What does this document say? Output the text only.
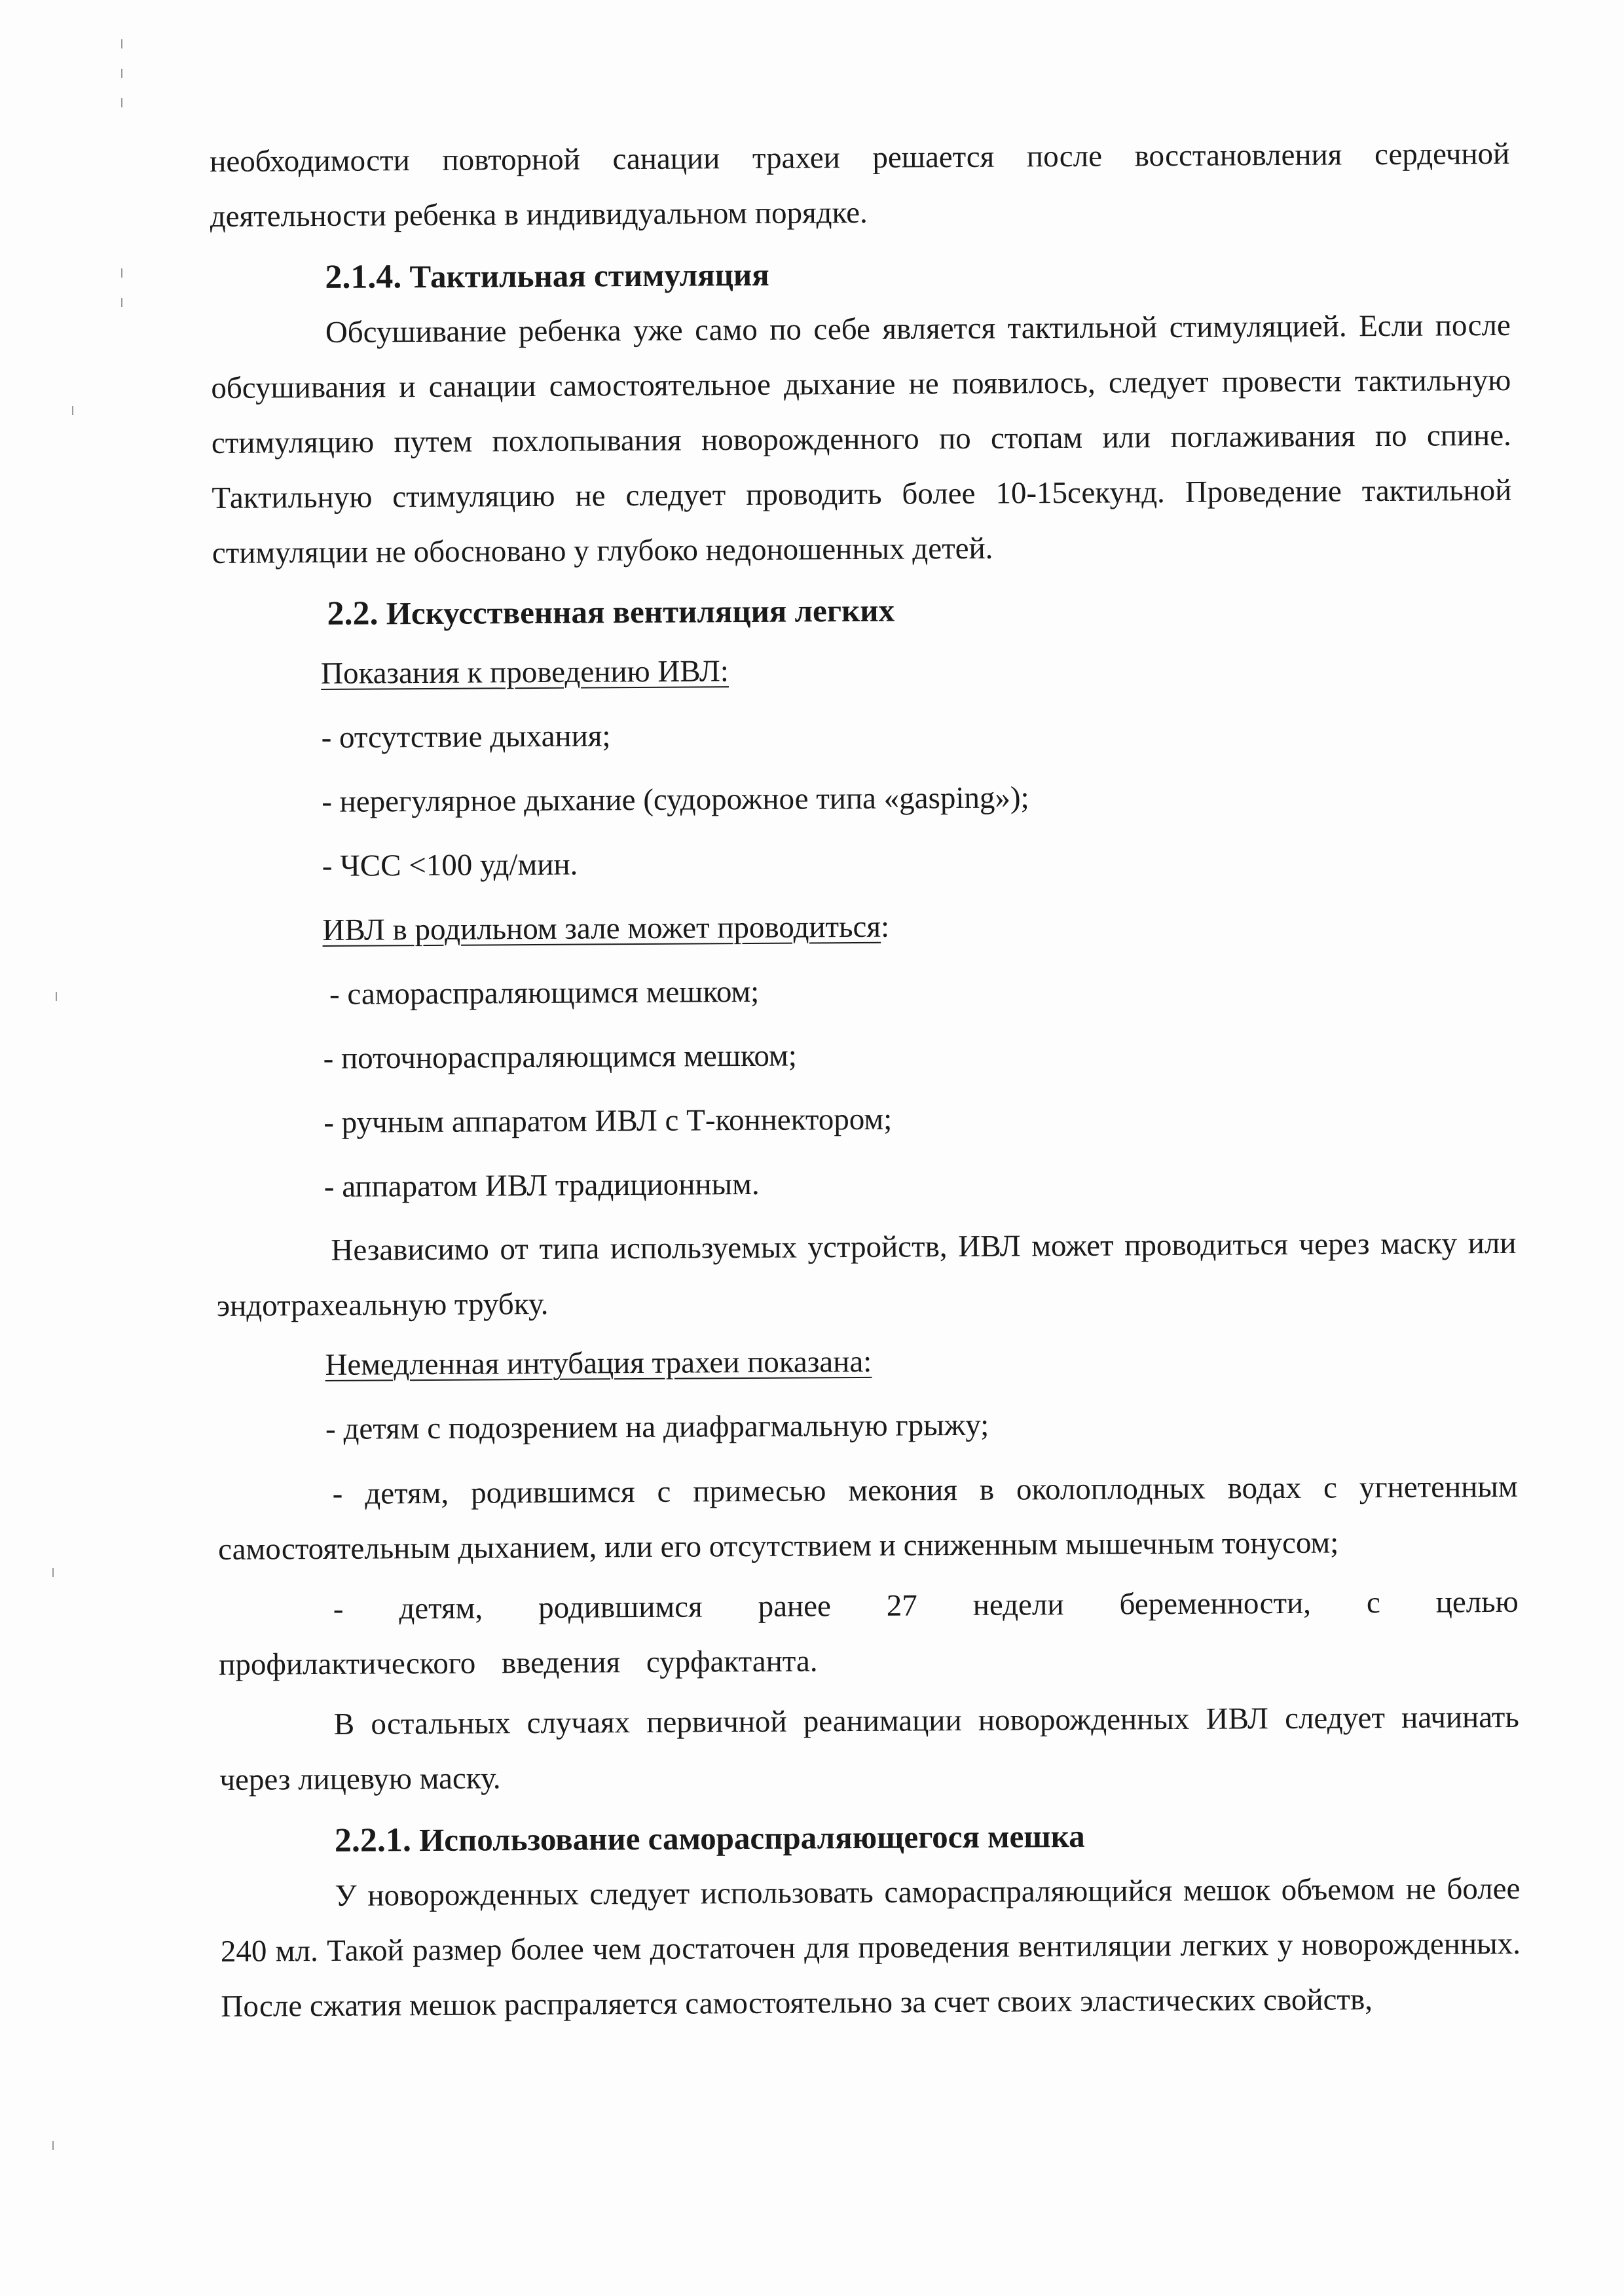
необходимости повторной санации трахеи решается после восстановления сердечной деятельности ребенка в индивидуальном порядке.

2.1.4. Тактильная стимуляция

Обсушивание ребенка уже само по себе является тактильной стимуляцией. Если после обсушивания и санации самостоятельное дыхание не появилось, следует провести тактильную стимуляцию путем похлопывания новорожденного по стопам или поглаживания по спине. Тактильную стимуляцию не следует проводить более 10-15секунд. Проведение тактильной стимуляции не обосновано у глубоко недоношенных детей.

2.2. Искусственная вентиляция легких

Показания к проведению ИВЛ:

- отсутствие дыхания;

- нерегулярное дыхание (судорожное типа «gasping»);

- ЧСС <100 уд/мин.

ИВЛ в родильном зале может проводиться:

- самораспраляющимся мешком;

- поточнораспраляющимся мешком;

- ручным аппаратом ИВЛ с Т-коннектором;

- аппаратом ИВЛ традиционным.

Независимо от типа используемых устройств, ИВЛ может проводиться через маску или эндотрахеальную трубку.

Немедленная интубация трахеи показана:

- детям с подозрением на диафрагмальную грыжу;

- детям, родившимся с примесью мекония в околоплодных водах с угнетенным самостоятельным дыханием, или его отсутствием и сниженным мышечным тонусом;

- детям, родившимся ранее 27 недели беременности, с целью профилактического введения сурфактанта.

В остальных случаях первичной реанимации новорожденных ИВЛ следует начинать через лицевую маску.

2.2.1. Использование самораспраляющегося мешка

У новорожденных следует использовать самораспраляющийся мешок объемом не более 240 мл. Такой размер более чем достаточен для проведения вентиляции легких у новорожденных. После сжатия мешок распраляется самостоятельно за счет своих эластических свойств,
